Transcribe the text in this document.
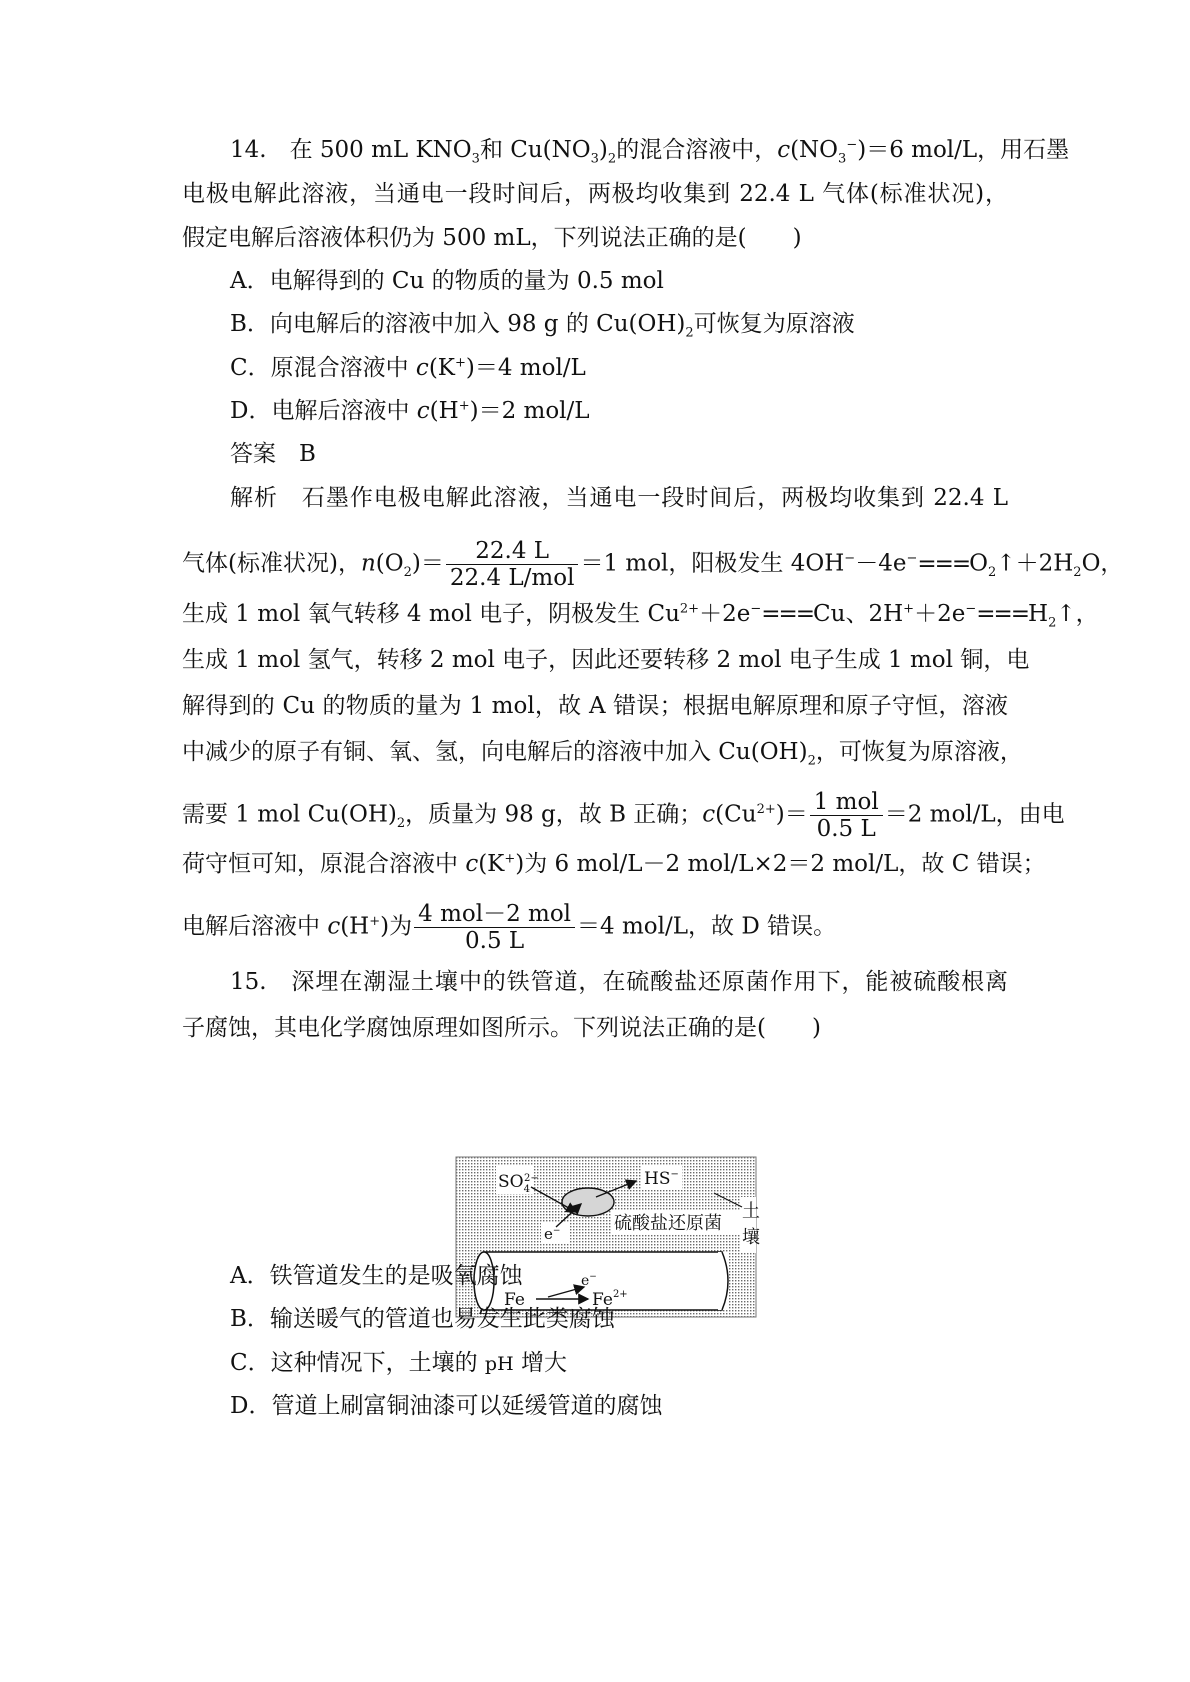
14.　在 500 mL $KNO_3$和 $Cu(NO_3)_2$的混合溶液中，$c(NO_3^-)=6$ mol/L，用石墨
电极电解此溶液，当通电一段时间后，两极均收集到 22.4 L 气体(标准状况)，
假定电解后溶液体积仍为 500 mL，下列说法正确的是(　　)
A．电解得到的 Cu 的物质的量为 0.5 mol
B．向电解后的溶液中加入 98 g 的 $Cu(OH)_2$可恢复为原溶液
C．原混合溶液中 c(K+)＝4 mol/L
D．电解后溶液中 c(H+)＝2 mol/L
答案　B
解析　石墨作电极电解此溶液，当通电一段时间后，两极均收集到 22.4 L
气体(标准状况)，$n(O_2)= \frac{22.4 L}{\text{22.4 L/mol}} =1$ mol，阳极发生 $4OH^--4e^-===O_2↑+2H_2O$，
生成 1 mol 氧气转移 4 mol 电子，阴极发生 $Cu^{2+}+2e^-===Cu$、$2H^++2e^-===H_2↑$，
生成 1 mol 氢气，转移 2 mol 电子，因此还要转移 2 mol 电子生成 1 mol 铜，电
解得到的 Cu 的物质的量为 1 mol，故 A 错误；根据电解原理和原子守恒，溶液
中减少的原子有铜、氧、氢，向电解后的溶液中加入 $Cu(OH)_2$，可恢复为原溶液，
需要 1 mol $Cu(OH)_2$，质量为 98 g，故 B 正确；$c(Cu^{2+})= \frac{\text{1 mol}}{0.5 L} =2$ mol/L，由电
荷守恒可知，原混合溶液中 c(K+)为 6 mol/L－2 mol/L×2＝2 mol/L，故 C 错误；
电解后溶液中 c(H+)为 $\frac{\text{4 mol－2 mol}}{0.5 L} =4$ mol/L，故 D 错误。
15.　深埋在潮湿土壤中的铁管道，在硫酸盐还原菌作用下，能被硫酸根离
子腐蚀，其电化学腐蚀原理如图所示。下列说法正确的是(　　)
$SO_42-$	HS−
e−	硫酸盐还原菌
土
壤
Fe
e−
$Fe^{2+}$
A．铁管道发生的是吸氧腐蚀
B．输送暖气的管道也易发生此类腐蚀
C．这种情况下，土壤的 pH 增大
D．管道上刷富铜油漆可以延缓管道的腐蚀
